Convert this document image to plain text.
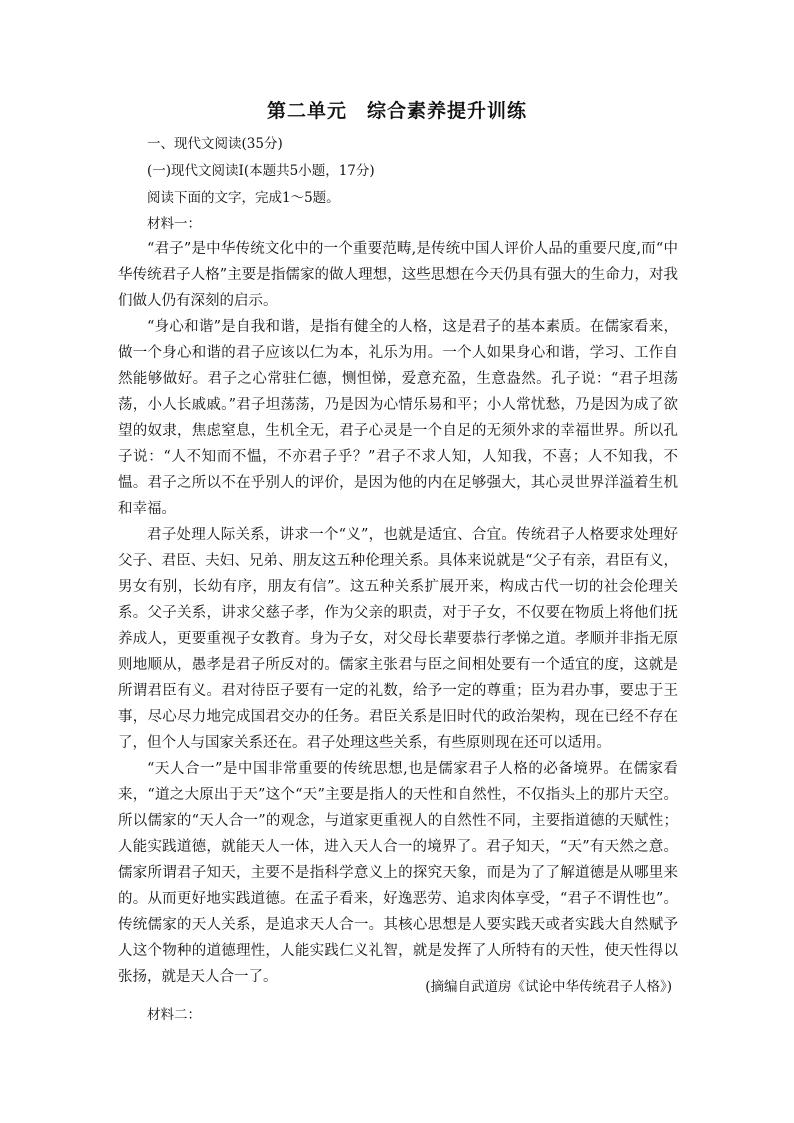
第二单元　综合素养提升训练
一、现代文阅读(35分)
(一)现代文阅读Ⅰ(本题共5小题，17分)
阅读下面的文字，完成1～5题。
材料一：

“君子”是中华传统文化中的一个重要范畴,是传统中国人评价人品的重要尺度,而“中华传统君子人格”主要是指儒家的做人理想，这些思想在今天仍具有强大的生命力，对我们做人仍有深刻的启示。

“身心和谐”是自我和谐，是指有健全的人格，这是君子的基本素质。在儒家看来，做一个身心和谐的君子应该以仁为本，礼乐为用。一个人如果身心和谐，学习、工作自然能够做好。君子之心常驻仁德，恻怛悌，爱意充盈，生意盎然。孔子说：“君子坦荡荡，小人长戚戚。”君子坦荡荡，乃是因为心情乐易和平；小人常忧愁，乃是因为成了欲望的奴隶，焦虑窒息，生机全无，君子心灵是一个自足的无须外求的幸福世界。所以孔子说：“人不知而不愠，不亦君子乎？”君子不求人知，人知我，不喜；人不知我，不愠。君子之所以不在乎别人的评价，是因为他的内在足够强大，其心灵世界洋溢着生机和幸福。

君子处理人际关系，讲求一个“义”，也就是适宜、合宜。传统君子人格要求处理好父子、君臣、夫妇、兄弟、朋友这五种伦理关系。具体来说就是“父子有亲，君臣有义，男女有别，长幼有序，朋友有信”。这五种关系扩展开来，构成古代一切的社会伦理关系。父子关系，讲求父慈子孝，作为父亲的职责，对于子女，不仅要在物质上将他们抚养成人，更要重视子女教育。身为子女，对父母长辈要恭行孝悌之道。孝顺并非指无原则地顺从，愚孝是君子所反对的。儒家主张君与臣之间相处要有一个适宜的度，这就是所谓君臣有义。君对待臣子要有一定的礼数，给予一定的尊重；臣为君办事，要忠于王事，尽心尽力地完成国君交办的任务。君臣关系是旧时代的政治架构，现在已经不存在了，但个人与国家关系还在。君子处理这些关系，有些原则现在还可以适用。

“天人合一”是中国非常重要的传统思想,也是儒家君子人格的必备境界。在儒家看来，“道之大原出于天”这个“天”主要是指人的天性和自然性，不仅指头上的那片天空。所以儒家的“天人合一”的观念，与道家更重视人的自然性不同，主要指道德的天赋性；人能实践道德，就能天人一体，进入天人合一的境界了。君子知天，“天”有天然之意。儒家所谓君子知天，主要不是指科学意义上的探究天象，而是为了了解道德是从哪里来的。从而更好地实践道德。在孟子看来，好逸恶劳、追求肉体享受，“君子不谓性也”。传统儒家的天人关系，是追求天人合一。其核心思想是人要实践天或者实践大自然赋予人这个物种的道德理性，人能实践仁义礼智，就是发挥了人所特有的天性，使天性得以张扬，就是天人合一了。

(摘编自武道房《试论中华传统君子人格》)
材料二：
